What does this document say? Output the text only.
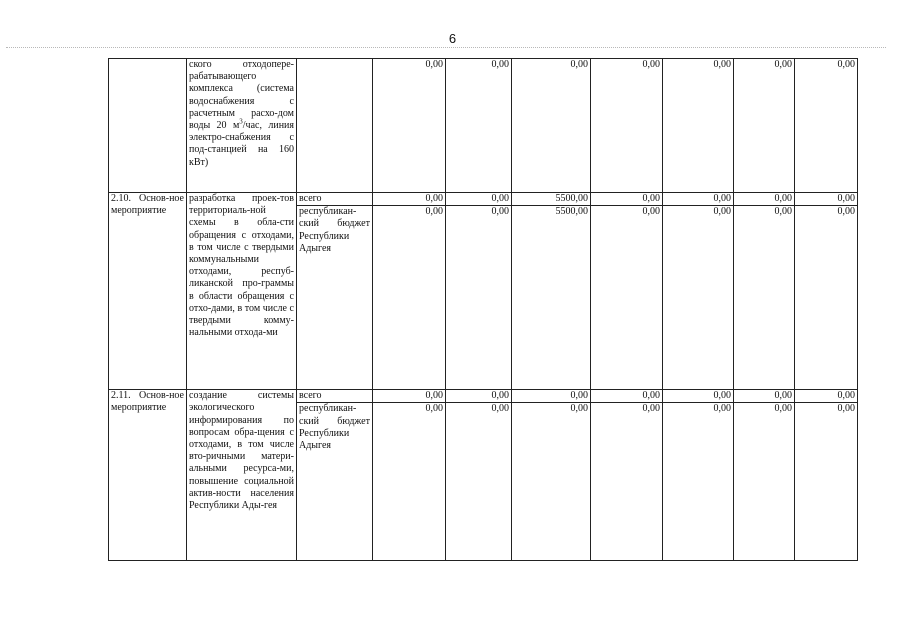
6
	ского отходопере-рабатывающего комплекса (система водоснабжения с расчетным расхо-дом воды 20 $м^3$/час, линия электро-снабжения с под-станцией на 160 кВт)		0,00	0,00	0,00	0,00	0,00	0,00	0,00
2.10. Основ-ное мероприятие	разработка проек-тов территориаль-ной схемы в обла-сти обращения с отходами, в том числе с твердыми коммунальными отходами, респуб-ликанской про-граммы в области обращения с отхо-дами, в том числе с твердыми комму-нальными отхода-ми	всего	0,00	0,00	5500,00	0,00	0,00	0,00	0,00
		республикан-ский бюджет Республики Адыгея	0,00	0,00	5500,00	0,00	0,00	0,00	0,00
2.11. Основ-ное мероприятие	создание системы экологического информирования по вопросам обра-щения с отходами, в том числе вто-ричными матери-альными ресурса-ми, повышение социальной актив-ности населения Республики Ады-гея	всего	0,00	0,00	0,00	0,00	0,00	0,00	0,00
		республикан-ский бюджет Республики Адыгея	0,00	0,00	0,00	0,00	0,00	0,00	0,00
